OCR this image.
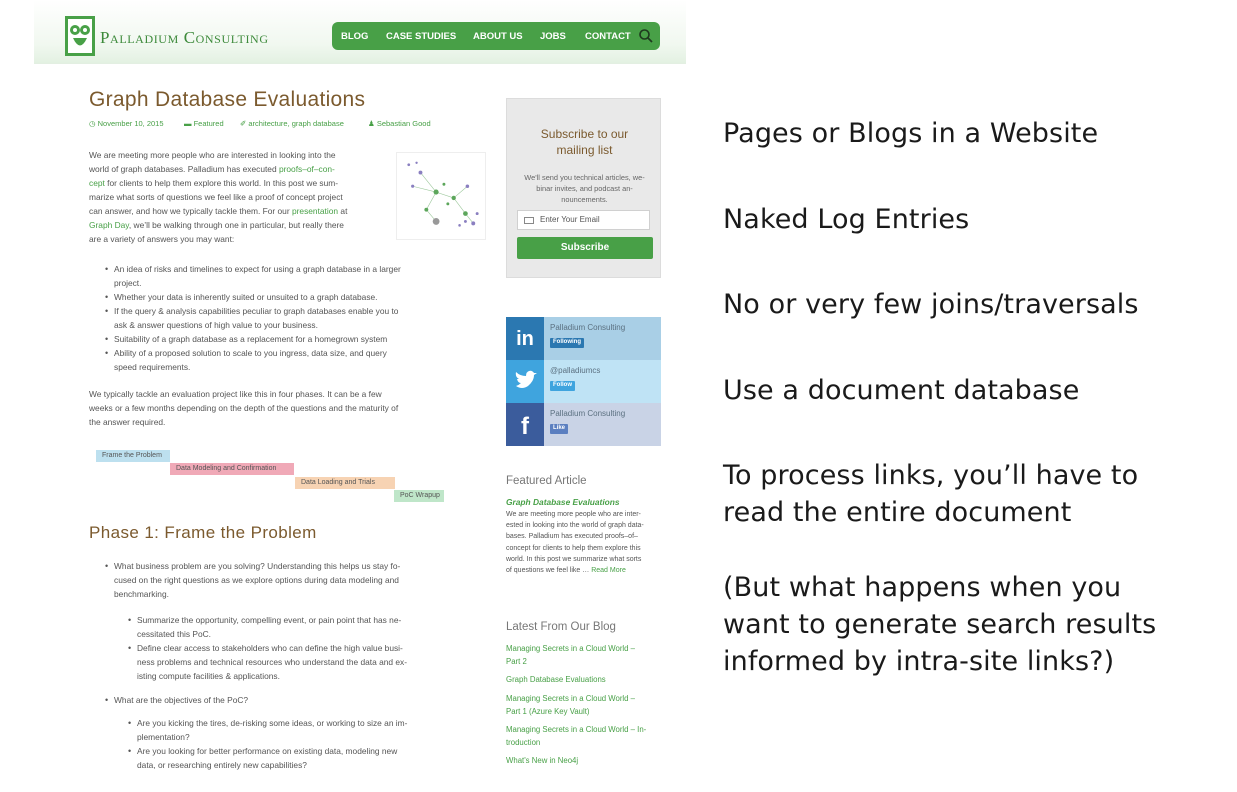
Palladium Consulting	BLOG CASE STUDIES ABOUT US JOBS CONTACT
Graph Database Evaluations
◷ November 10, 2015	▬ Featured ✐ architecture, graph database	♟ Sebastian Good
We are meeting more people who are interested in looking into the
world of graph databases. Palladium has executed proofs–of–con-
cept for clients to help them explore this world. In this post we sum-
marize what sorts of questions we feel like a proof of concept project
can answer, and how we typically tackle them. For our presentation at
Graph Day, we’ll be walking through one in particular, but really there
are a variety of answers you may want:
• An idea of risks and timelines to expect for using a graph database in a larger
project.
• Whether your data is inherently suited or unsuited to a graph database.
• If the query & analysis capabilities peculiar to graph databases enable you to
ask & answer questions of high value to your business.
• Suitability of a graph database as a replacement for a homegrown system
• Ability of a proposed solution to scale to you ingress, data size, and query
speed requirements.
We typically tackle an evaluation project like this in four phases. It can be a few
weeks or a few months depending on the depth of the questions and the maturity of
the answer required.
Frame the Problem
Data Modeling and Confirmation
Data Loading and Trials
PoC Wrapup
Phase 1: Frame the Problem
• What business problem are you solving? Understanding this helps us stay fo-
cused on the right questions as we explore options during data modeling and
benchmarking.
• Summarize the opportunity, compelling event, or pain point that has ne-
cessitated this PoC.
• Define clear access to stakeholders who can define the high value busi-
ness problems and technical resources who understand the data and ex-
isting compute facilities & applications.
• What are the objectives of the PoC?
• Are you kicking the tires, de-risking some ideas, or working to size an im-
plementation?
• Are you looking for better performance on existing data, modeling new
data, or researching entirely new capabilities?
Subscribe to our
mailing list
We'll send you technical articles, we-
binar invites, and podcast an-
nouncements.
Enter Your Email
Subscribe
in
Palladium Consulting
Following
@palladiumcs
Follow
f	Palladium Consulting
Like
Featured Article
Graph Database Evaluations
We are meeting more people who are inter-
ested in looking into the world of graph data-
bases. Palladium has executed proofs–of–
concept for clients to help them explore this
world. In this post we summarize what sorts
of questions we feel like … Read More
Latest From Our Blog
Managing Secrets in a Cloud World –
Part 2
Graph Database Evaluations
Managing Secrets in a Cloud World –
Part 1 (Azure Key Vault)
Managing Secrets in a Cloud World – In-
troduction
What's New in Neo4j
Pages or Blogs in a Website
Naked Log Entries
No or very few joins/traversals
Use a document database
To process links, you’ll have to
read the entire document
(But what happens when you
want to generate search results
informed by intra-site links?)
